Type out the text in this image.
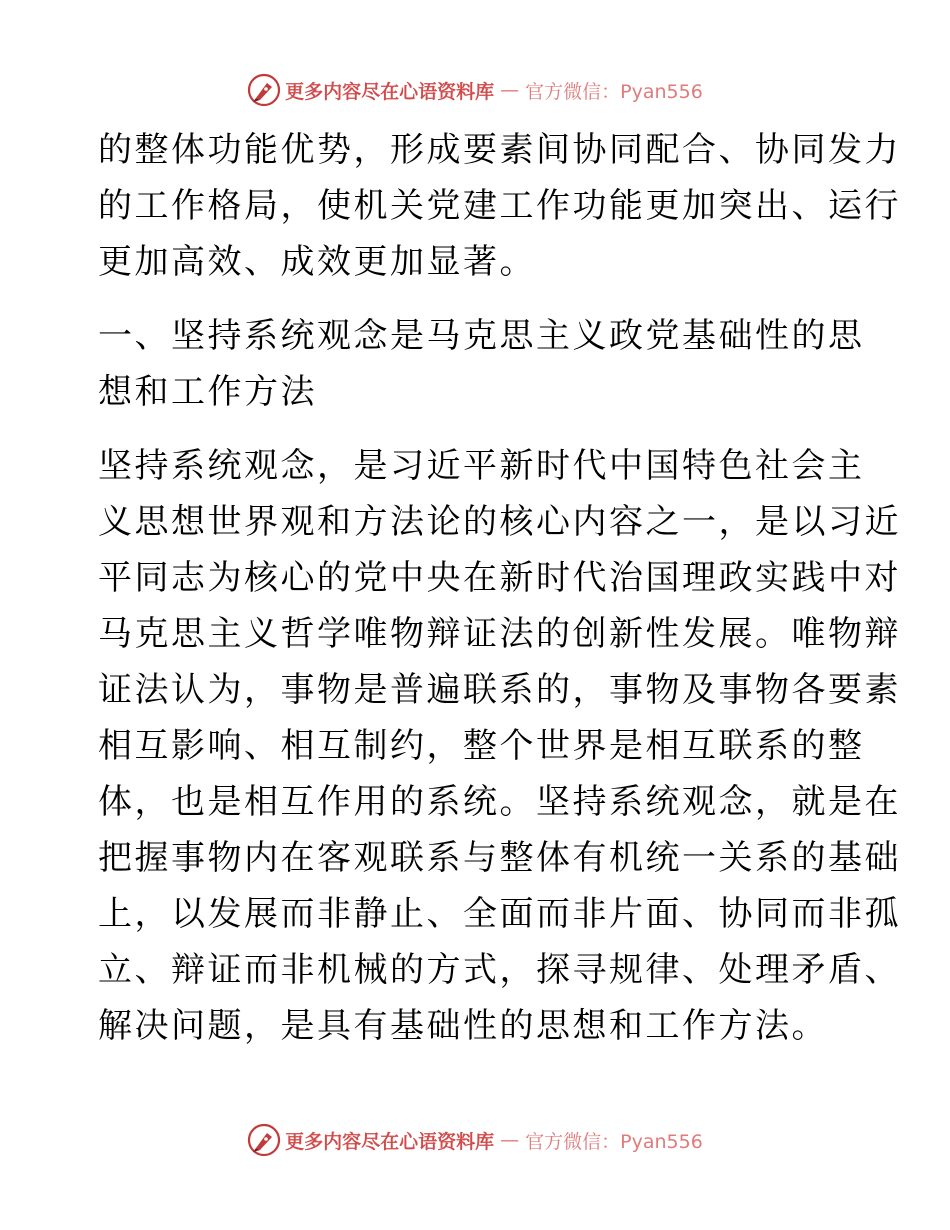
更多内容尽在心语资料库 — 官方微信：Pyan556

的整体功能优势，形成要素间协同配合、协同发力
的工作格局，使机关党建工作功能更加突出、运行
更加高效、成效更加显著。

一、坚持系统观念是马克思主义政党基础性的思
想和工作方法

坚持系统观念，是习近平新时代中国特色社会主
义思想世界观和方法论的核心内容之一，是以习近
平同志为核心的党中央在新时代治国理政实践中对
马克思主义哲学唯物辩证法的创新性发展。唯物辩
证法认为，事物是普遍联系的，事物及事物各要素
相互影响、相互制约，整个世界是相互联系的整
体，也是相互作用的系统。坚持系统观念，就是在
把握事物内在客观联系与整体有机统一关系的基础
上，以发展而非静止、全面而非片面、协同而非孤
立、辩证而非机械的方式，探寻规律、处理矛盾、
解决问题，是具有基础性的思想和工作方法。

更多内容尽在心语资料库 — 官方微信：Pyan556
